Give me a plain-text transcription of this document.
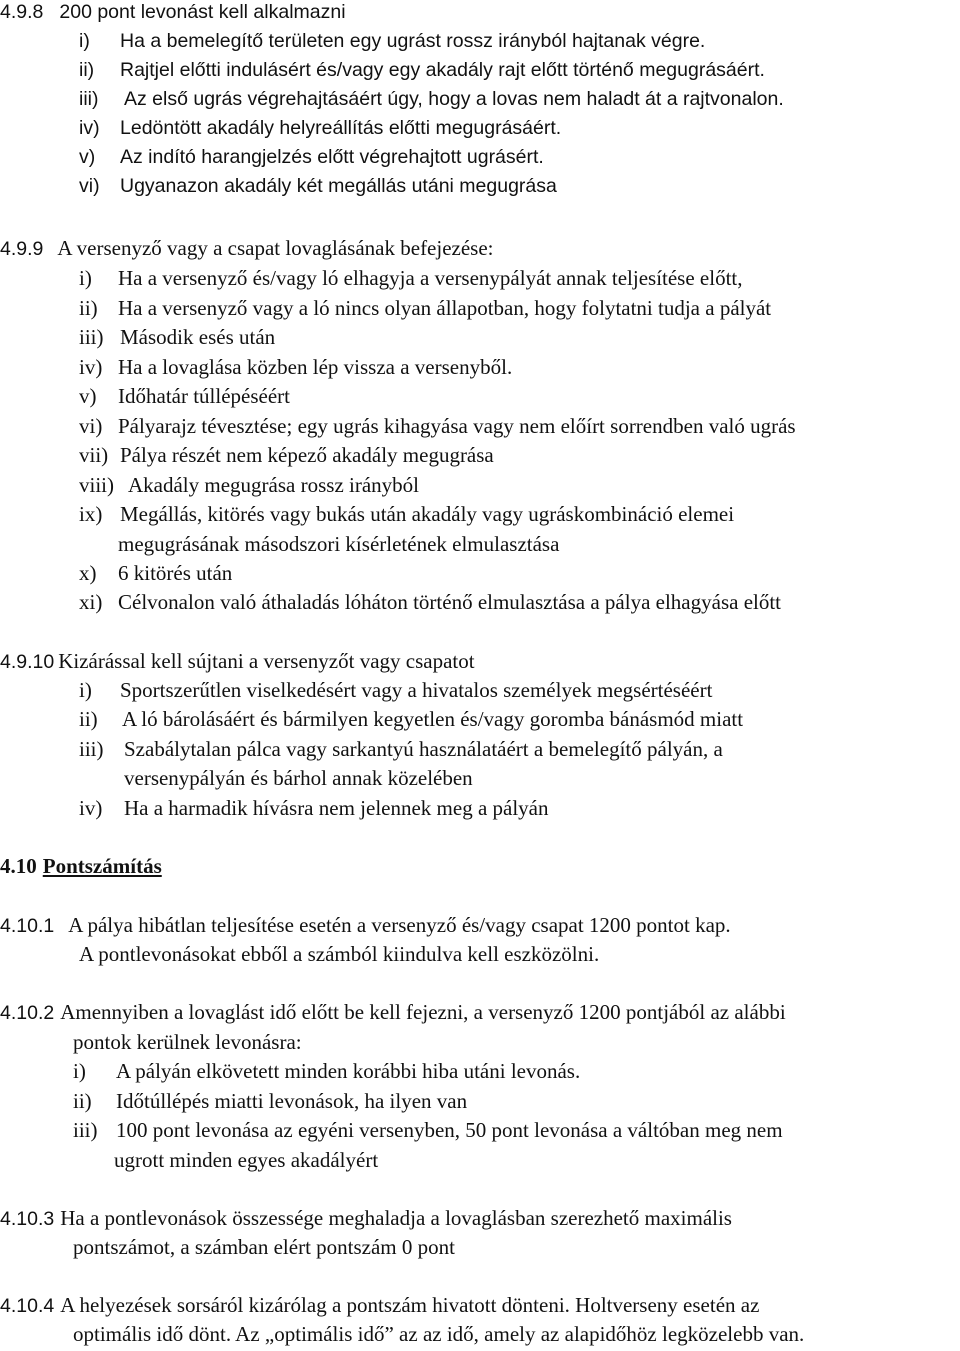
4.9.8 200 pont levonást kell alkalmazni
i) Ha a bemelegítő területen egy ugrást rossz irányból hajtanak végre.
ii) Rajtjel előtti indulásért és/vagy egy akadály rajt előtt történő megugrásáért.
iii) Az első ugrás végrehajtásáért úgy, hogy a lovas nem haladt át a rajtvonalon.
iv) Ledöntött akadály helyreállítás előtti megugrásáért.
v) Az indító harangjelzés előtt végrehajtott ugrásért.
vi) Ugyanazon akadály két megállás utáni megugrása
4.9.9 A versenyző vagy a csapat lovaglásának befejezése:
i) Ha a versenyző és/vagy ló elhagyja a versenypályát annak teljesítése előtt,
ii) Ha a versenyző vagy a ló nincs olyan állapotban, hogy folytatni tudja a pályát
iii) Második esés után
iv) Ha a lovaglása közben lép vissza a versenyből.
v) Időhatár túllépéséért
vi) Pályarajz tévesztése; egy ugrás kihagyása vagy nem előírt sorrendben való ugrás
vii) Pálya részét nem képező akadály megugrása
viii) Akadály megugrása rossz irányból
ix) Megállás, kitörés vagy bukás után akadály vagy ugráskombináció elemei
megugrásának másodszori kísérletének elmulasztása
x) 6 kitörés után
xi) Célvonalon való áthaladás lóháton történő elmulasztása a pálya elhagyása előtt
4.9.10 Kizárással kell sújtani a versenyzőt vagy csapatot
i) Sportszerűtlen viselkedésért vagy a hivatalos személyek megsértéséért
ii) A ló bárolásáért és bármilyen kegyetlen és/vagy goromba bánásmód miatt
iii) Szabálytalan pálca vagy sarkantyú használatáért a bemelegítő pályán, a
versenypályán és bárhol annak közelében
iv) Ha a harmadik hívásra nem jelennek meg a pályán
4.10 Pontszámítás
4.10.1 A pálya hibátlan teljesítése esetén a versenyző és/vagy csapat 1200 pontot kap.
A pontlevonásokat ebből a számból kiindulva kell eszközölni.
4.10.2 Amennyiben a lovaglást idő előtt be kell fejezni, a versenyző 1200 pontjából az alábbi
pontok kerülnek levonásra:
i) A pályán elkövetett minden korábbi hiba utáni levonás.
ii) Időtúllépés miatti levonások, ha ilyen van
iii) 100 pont levonása az egyéni versenyben, 50 pont levonása a váltóban meg nem
ugrott minden egyes akadályért
4.10.3 Ha a pontlevonások összessége meghaladja a lovaglásban szerezhető maximális
pontszámot, a számban elért pontszám 0 pont
4.10.4 A helyezések sorsáról kizárólag a pontszám hivatott dönteni. Holtverseny esetén az
optimális idő dönt. Az „optimális idő” az az idő, amely az alapidőhöz legközelebb van.
